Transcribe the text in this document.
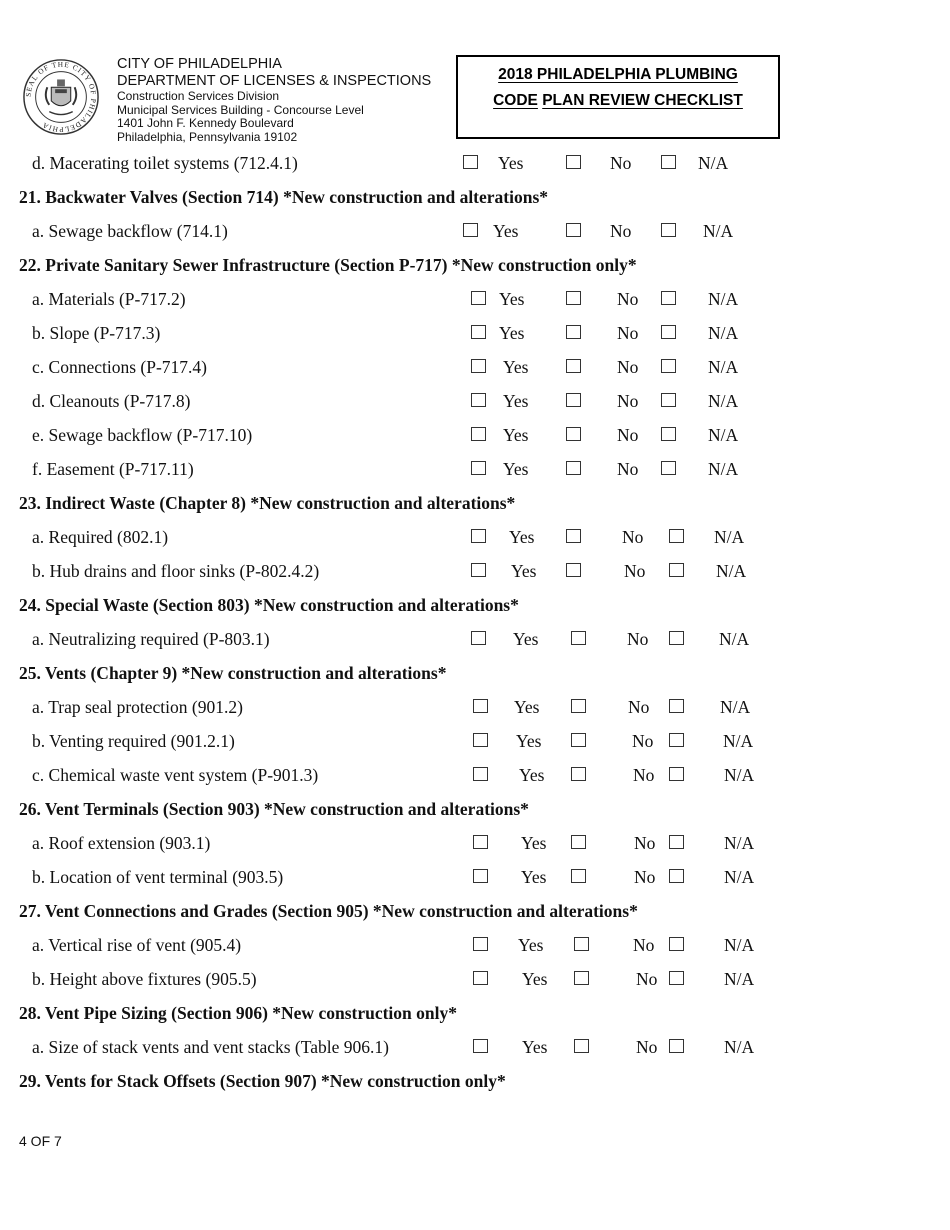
SEAL OF THE CITY OF PHILADELPHIA
CITY OF PHILADELPHIA
DEPARTMENT OF LICENSES & INSPECTIONS
Construction Services Division
Municipal Services Building - Concourse Level
1401 John F. Kennedy Boulevard
Philadelphia, Pennsylvania 19102
2018 PHILADELPHIA PLUMBING
CODE PLAN REVIEW CHECKLIST
d. Macerating toilet systems (712.4.1)	Yes	No	N/A
21. Backwater Valves (Section 714) *New construction and alterations*
a. Sewage backflow (714.1)	Yes	No	N/A
22. Private Sanitary Sewer Infrastructure (Section P-717) *New construction only*
a. Materials (P-717.2)	Yes	No	N/A
b. Slope (P-717.3)	Yes	No	N/A
c. Connections (P-717.4)	Yes	No	N/A
d. Cleanouts (P-717.8)	Yes	No	N/A
e. Sewage backflow (P-717.10)	Yes	No	N/A
f. Easement (P-717.11)	Yes	No	N/A
23. Indirect Waste (Chapter 8) *New construction and alterations*
a. Required (802.1)	Yes	No	N/A
b. Hub drains and floor sinks (P-802.4.2)	Yes	No	N/A
24. Special Waste (Section 803) *New construction and alterations*
a. Neutralizing required (P-803.1)	Yes	No	N/A
25. Vents (Chapter 9) *New construction and alterations*
a. Trap seal protection (901.2)	Yes	No	N/A
b. Venting required (901.2.1)	Yes	No	N/A
c. Chemical waste vent system (P-901.3)	Yes	No	N/A
26. Vent Terminals (Section 903) *New construction and alterations*
a. Roof extension (903.1)	Yes	No	N/A
b. Location of vent terminal (903.5)	Yes	No	N/A
27. Vent Connections and Grades (Section 905) *New construction and alterations*
a. Vertical rise of vent (905.4)	Yes	No	N/A
b. Height above fixtures (905.5)	Yes	No	N/A
28. Vent Pipe Sizing (Section 906) *New construction only*
a. Size of stack vents and vent stacks (Table 906.1)	Yes	No	N/A
29. Vents for Stack Offsets (Section 907) *New construction only*
4 OF 7
